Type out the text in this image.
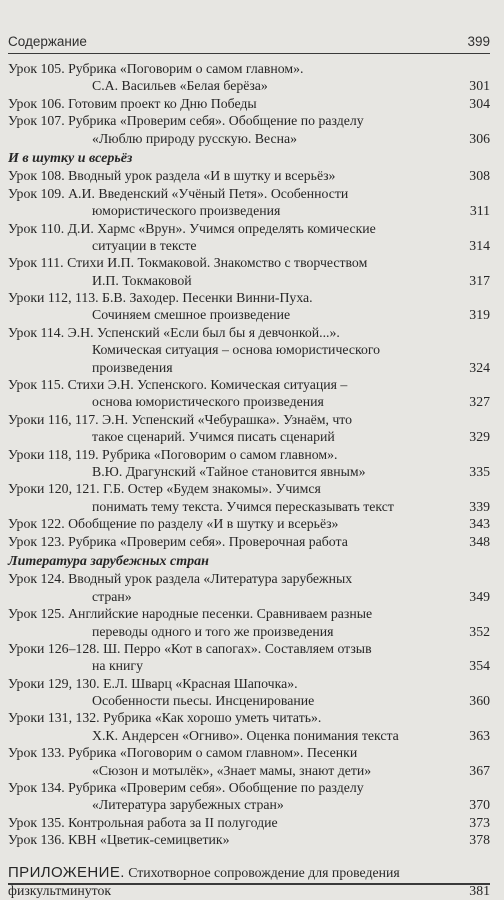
Содержание	399
Урок 105. Рубрика «Поговорим о самом главном».
С.А. Васильев «Белая берёза»	301
Урок 106. Готовим проект ко Дню Победы	304
Урок 107. Рубрика «Проверим себя». Обобщение по разделу
«Люблю природу русскую. Весна»	306
И в шутку и всерьёз
Урок 108. Вводный урок раздела «И в шутку и всерьёз»	308
Урок 109. А.И. Введенский «Учёный Петя». Особенности
юмористического произведения	311
Урок 110. Д.И. Хармс «Врун». Учимся определять комические
ситуации в тексте	314
Урок 111. Стихи И.П. Токмаковой. Знакомство с творчеством
И.П. Токмаковой	317
Уроки 112, 113. Б.В. Заходер. Песенки Винни-Пуха.
Сочиняем смешное произведение	319
Урок 114. Э.Н. Успенский «Если был бы я девчонкой...».
Комическая ситуация – основа юмористического
произведения	324
Урок 115. Стихи Э.Н. Успенского. Комическая ситуация –
основа юмористического произведения	327
Уроки 116, 117. Э.Н. Успенский «Чебурашка». Узнаём, что
такое сценарий. Учимся писать сценарий	329
Уроки 118, 119. Рубрика «Поговорим о самом главном».
В.Ю. Драгунский «Тайное становится явным»	335
Уроки 120, 121. Г.Б. Остер «Будем знакомы». Учимся
понимать тему текста. Учимся пересказывать текст	339
Урок 122. Обобщение по разделу «И в шутку и всерьёз»	343
Урок 123. Рубрика «Проверим себя». Проверочная работа	348
Литература зарубежных стран
Урок 124. Вводный урок раздела «Литература зарубежных
стран»	349
Урок 125. Английские народные песенки. Сравниваем разные
переводы одного и того же произведения	352
Уроки 126–128. Ш. Перро «Кот в сапогах». Составляем отзыв
на книгу	354
Уроки 129, 130. Е.Л. Шварц «Красная Шапочка».
Особенности пьесы. Инсценирование	360
Уроки 131, 132. Рубрика «Как хорошо уметь читать».
Х.К. Андерсен «Огниво». Оценка понимания текста	363
Урок 133. Рубрика «Поговорим о самом главном». Песенки
«Сюзон и мотылёк», «Знает мамы, знают дети»	367
Урок 134. Рубрика «Проверим себя». Обобщение по разделу
«Литература зарубежных стран»	370
Урок 135. Контрольная работа за II полугодие	373
Урок 136. КВН «Цветик-семицветик»	378
ПРИЛОЖЕНИЕ. Стихотворное сопровождение для проведения
физкультминуток	381
